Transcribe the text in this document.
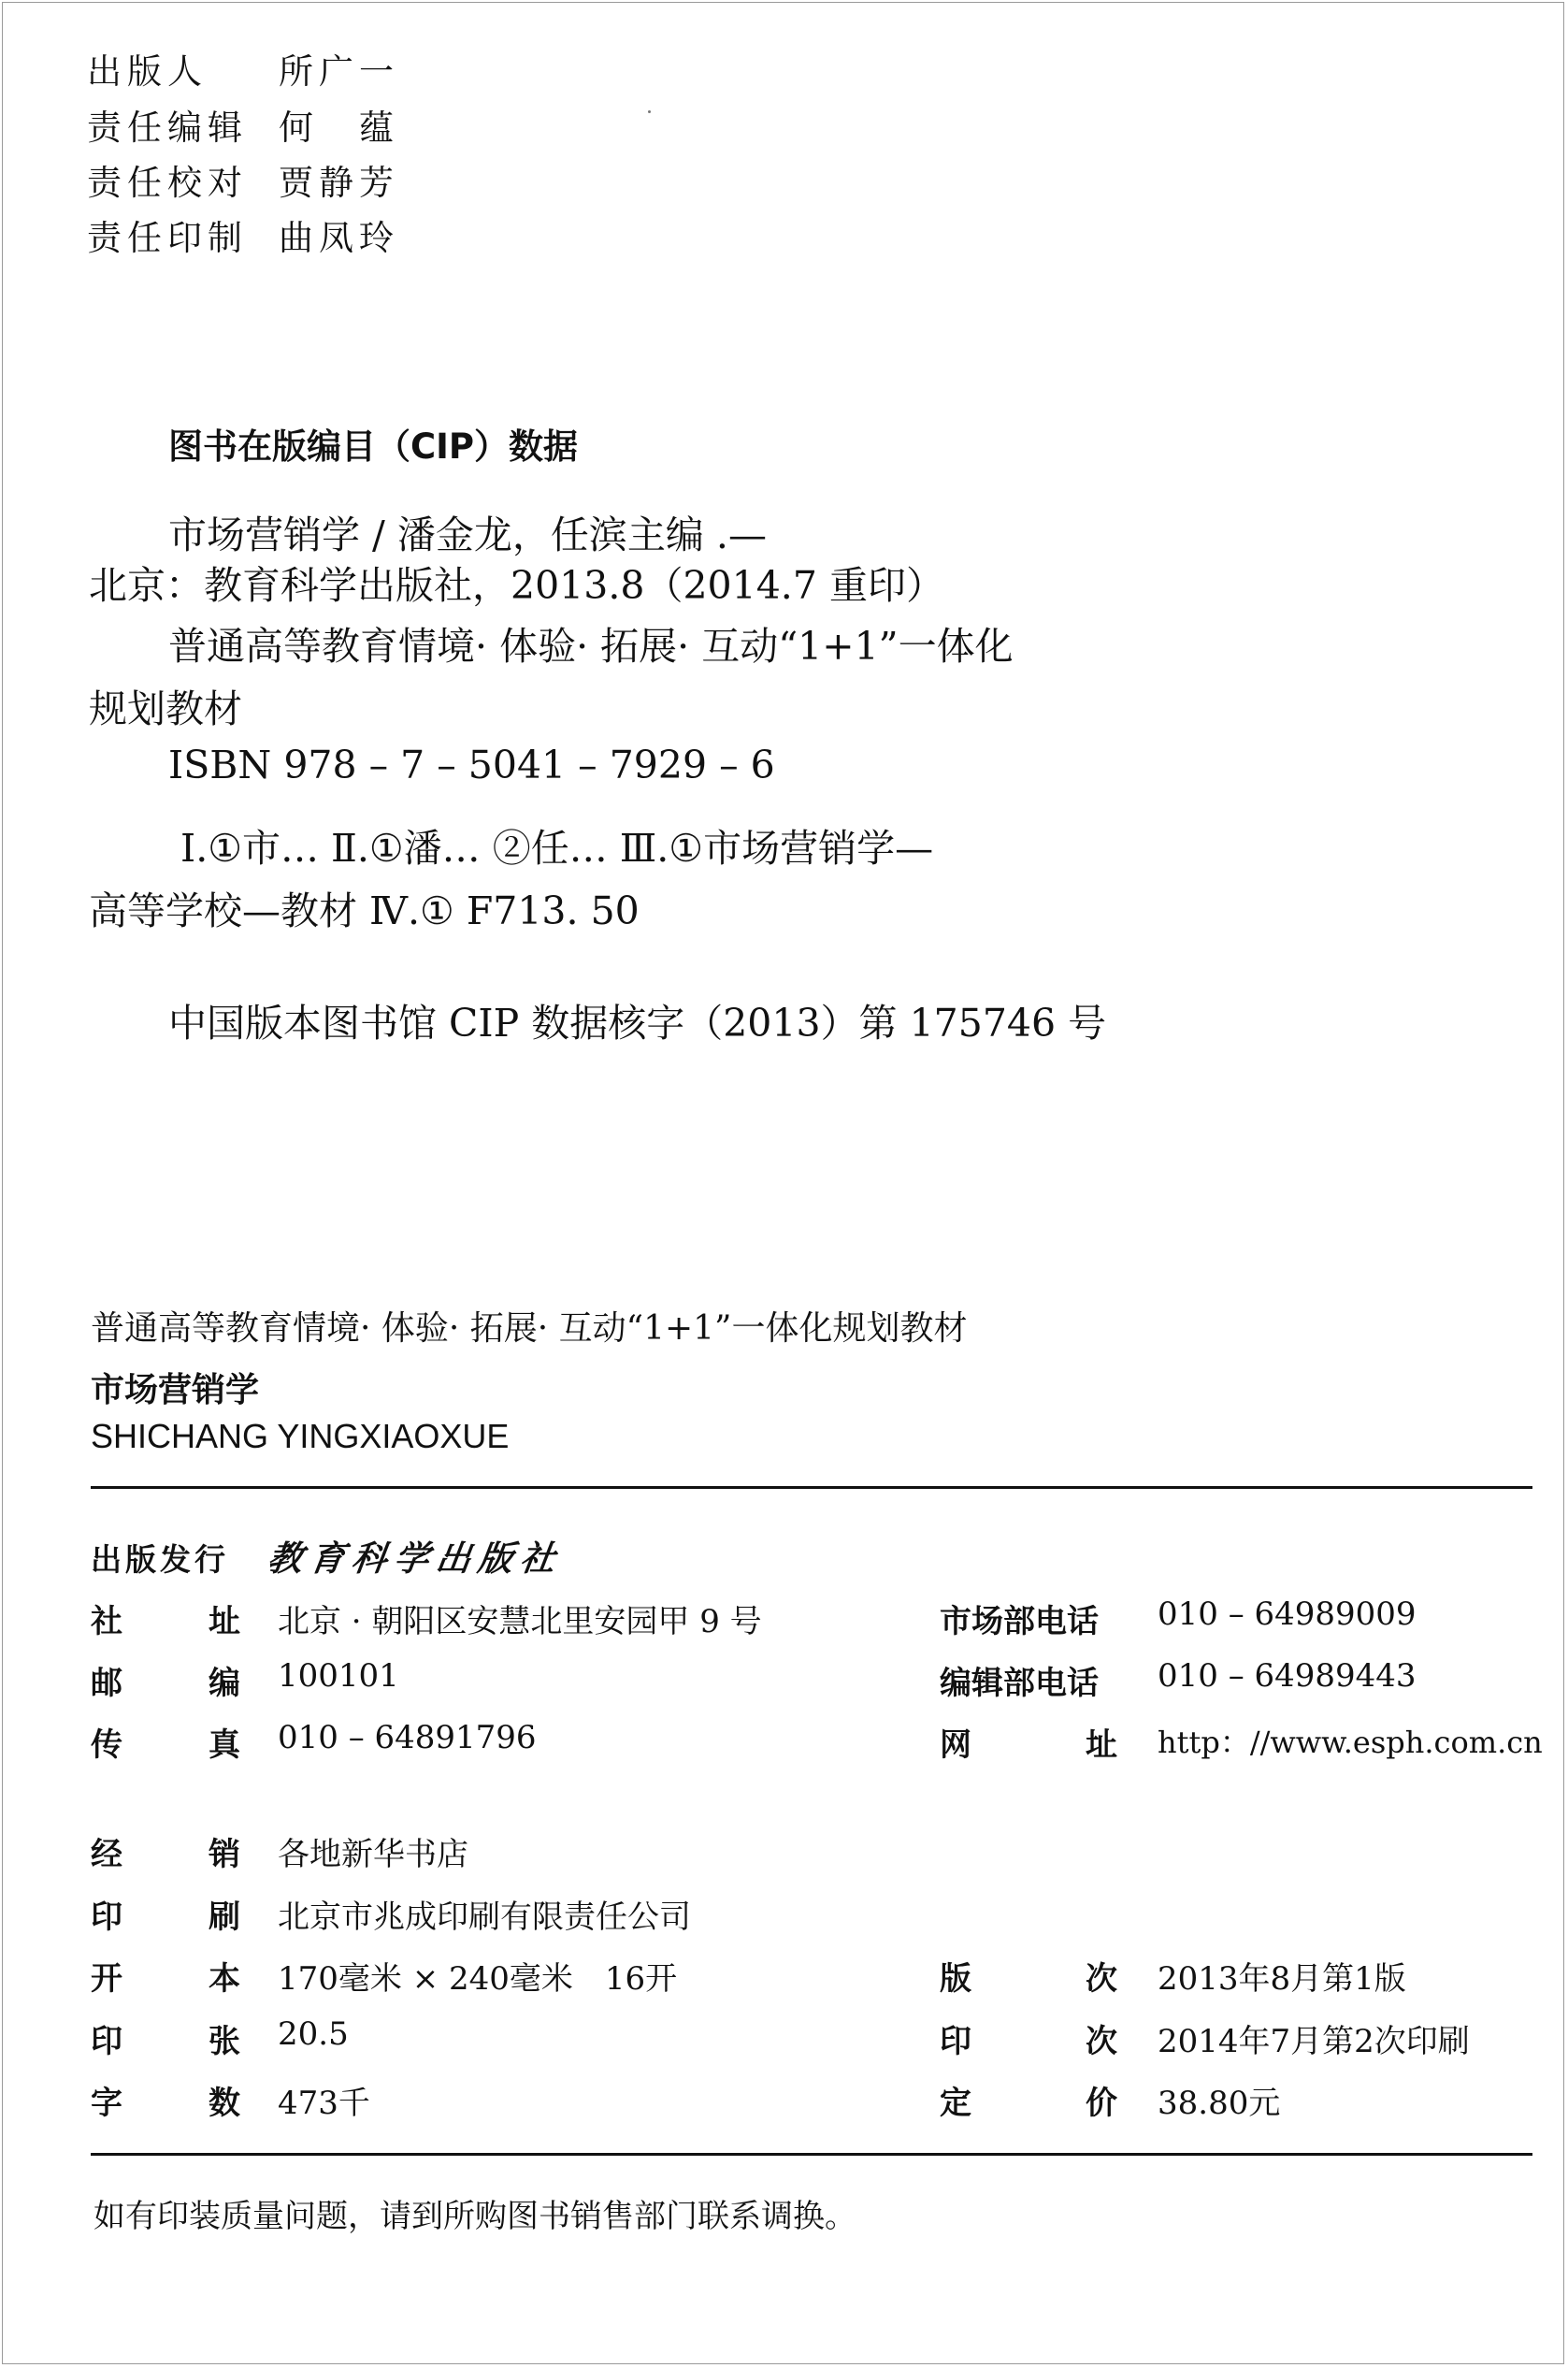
出版人 所广一
责任编辑 何　蕴
责任校对 贾静芳
责任印制 曲凤玲
图书在版编目（CIP）数据
市场营销学 / 潘金龙，任滨主编 .—
北京：教育科学出版社，2013.8（2014.7 重印）
普通高等教育情境· 体验· 拓展· 互动“1+1”一体化
规划教材
ISBN 978 – 7 – 5041 – 7929 – 6
Ⅰ.①市… Ⅱ.①潘… ②任… Ⅲ.①市场营销学—
高等学校—教材 Ⅳ.① F713. 50
中国版本图书馆 CIP 数据核字（2013）第 175746 号
普通高等教育情境· 体验· 拓展· 互动“1+1”一体化规划教材
市场营销学
SHICHANG YINGXIAOXUE
出版发行 教育科学出版社
社	址 北京 · 朝阳区安慧北里安园甲 9 号	市场部电话	010 – 64989009
邮	编 100101	编辑部电话	010 – 64989443
传	真 010 – 64891796	网	址 http：//www.esph.com.cn
经	销 各地新华书店
印	刷 北京市兆成印刷有限责任公司
开	本 170毫米 × 240毫米　16开	版	次 2013年8月第1版
印	张 20.5	印	次 2014年7月第2次印刷
字	数 473千	定	价 38.80元
如有印装质量问题，请到所购图书销售部门联系调换。
